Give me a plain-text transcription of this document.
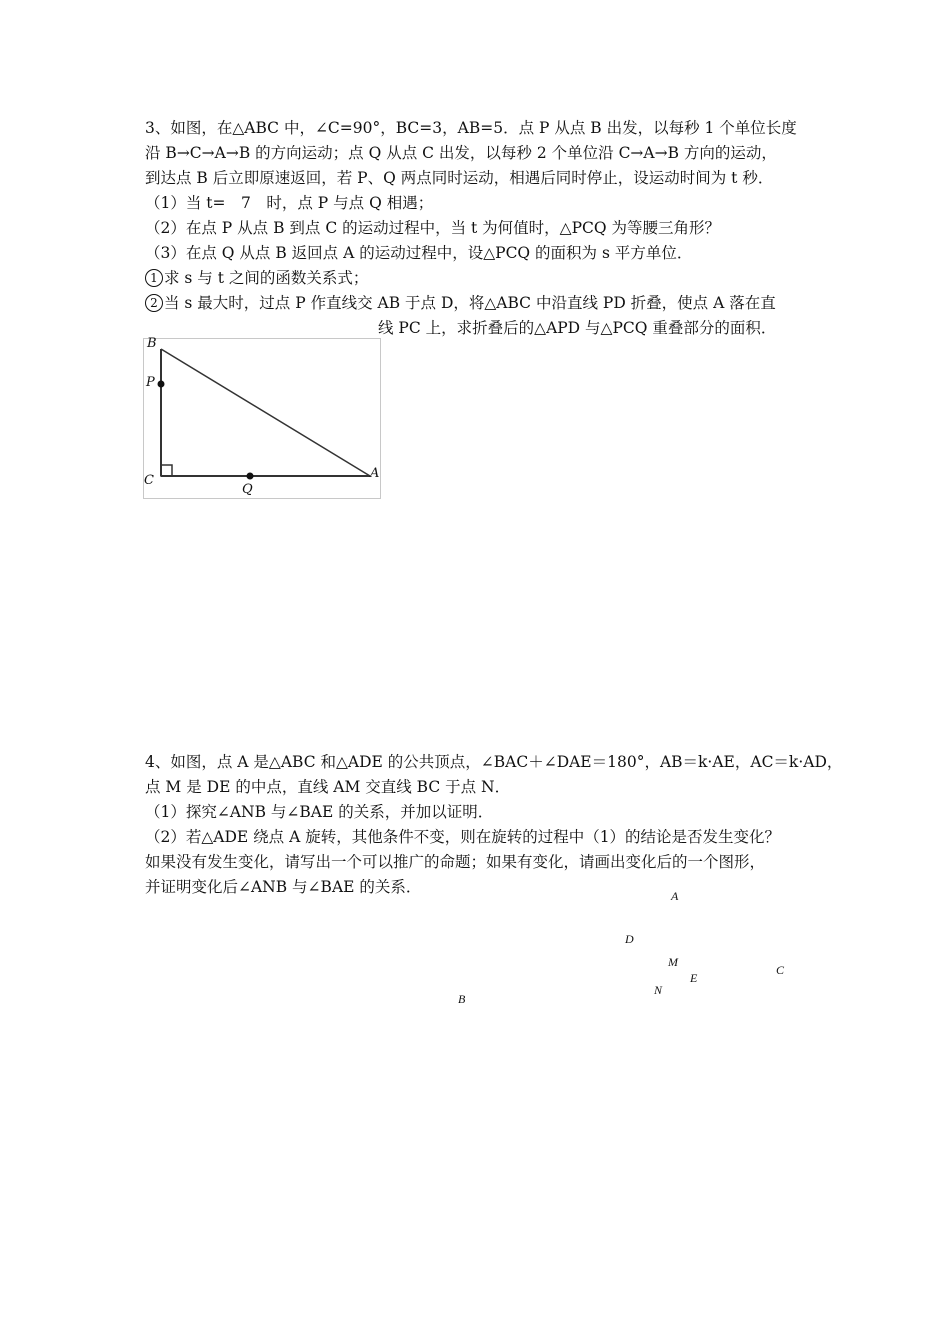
3、如图，在△ABC 中，∠C=90°，BC=3，AB=5．点 P 从点 B 出发，以每秒 1 个单位长度
沿 B→C→A→B 的方向运动；点 Q 从点 C 出发，以每秒 2 个单位沿 C→A→B 方向的运动，
到达点 B 后立即原速返回，若 P、Q 两点同时运动，相遇后同时停止，设运动时间为 t 秒．
（1）当 t=　7　时，点 P 与点 Q 相遇；
（2）在点 P 从点 B 到点 C 的运动过程中，当 t 为何值时，△PCQ 为等腰三角形？
（3）在点 Q 从点 B 返回点 A 的运动过程中，设△PCQ 的面积为 s 平方单位．
1 求 s 与 t 之间的函数关系式；
2 当 s 最大时，过点 P 作直线交 AB 于点 D，将△ABC 中沿直线 PD 折叠，使点 A 落在直
线 PC 上，求折叠后的△APD 与△PCQ 重叠部分的面积．
B
P
C
Q
A
4、如图，点 A 是△ABC 和△ADE 的公共顶点，∠BAC＋∠DAE＝180°，AB＝k·AE，AC＝k·AD，
点 M 是 DE 的中点，直线 AM 交直线 BC 于点 N．
（1）探究∠ANB 与∠BAE 的关系，并加以证明．
（2）若△ADE 绕点 A 旋转，其他条件不变，则在旋转的过程中（1）的结论是否发生变化？
如果没有发生变化，请写出一个可以推广的命题；如果有变化，请画出变化后的一个图形，
并证明变化后∠ANB 与∠BAE 的关系．	A
D
M
E
C
N
B
